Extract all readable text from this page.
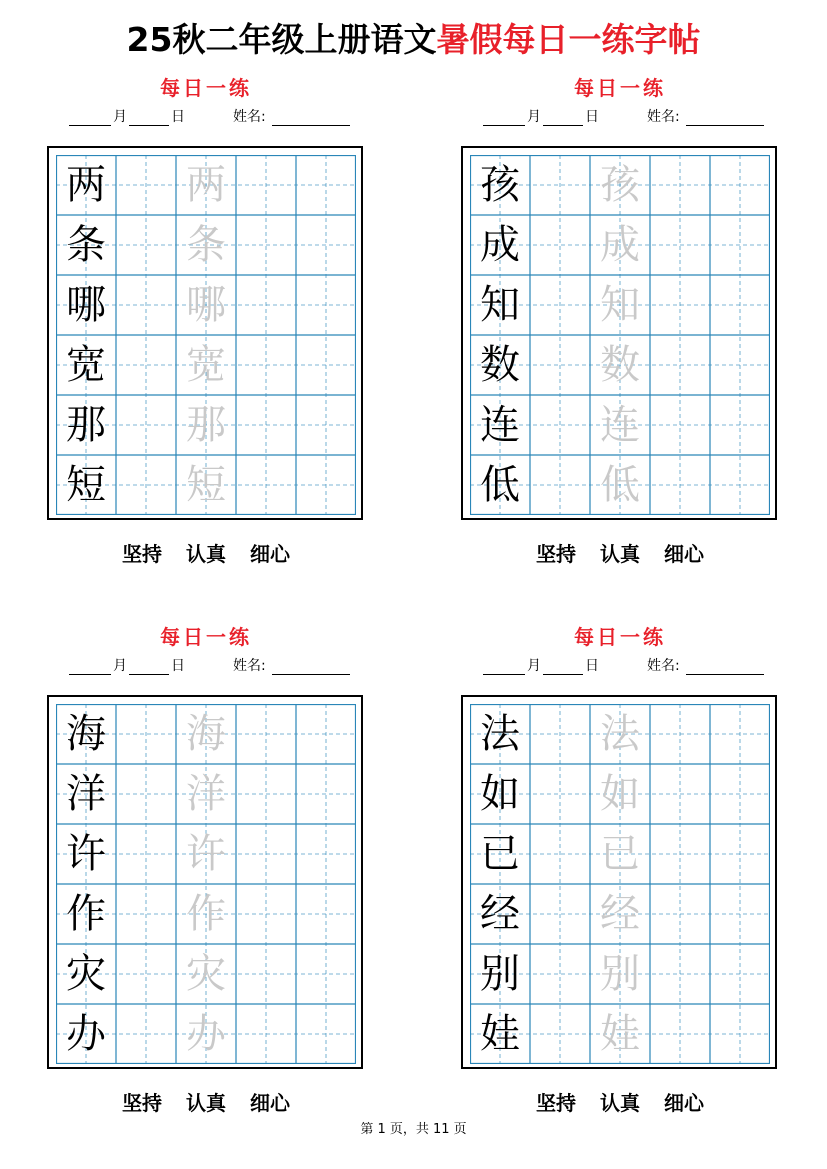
25秋二年级上册语文暑假每日一练字帖
每日一练
月	日	姓名:
两 两
条 条
哪 哪
宽 宽
那 那
短 短
坚持 认真 细心
每日一练
月	日	姓名:
孩 孩
成 成
知 知
数 数
连 连
低 低
坚持 认真 细心
每日一练
月	日	姓名:
海 海
洋 洋
许 许
作 作
灾 灾
办 办
坚持 认真 细心
每日一练
月	日	姓名:
法 法
如 如
已 已
经 经
别 别
娃 娃
坚持 认真 细心
第 1 页，共 11 页
